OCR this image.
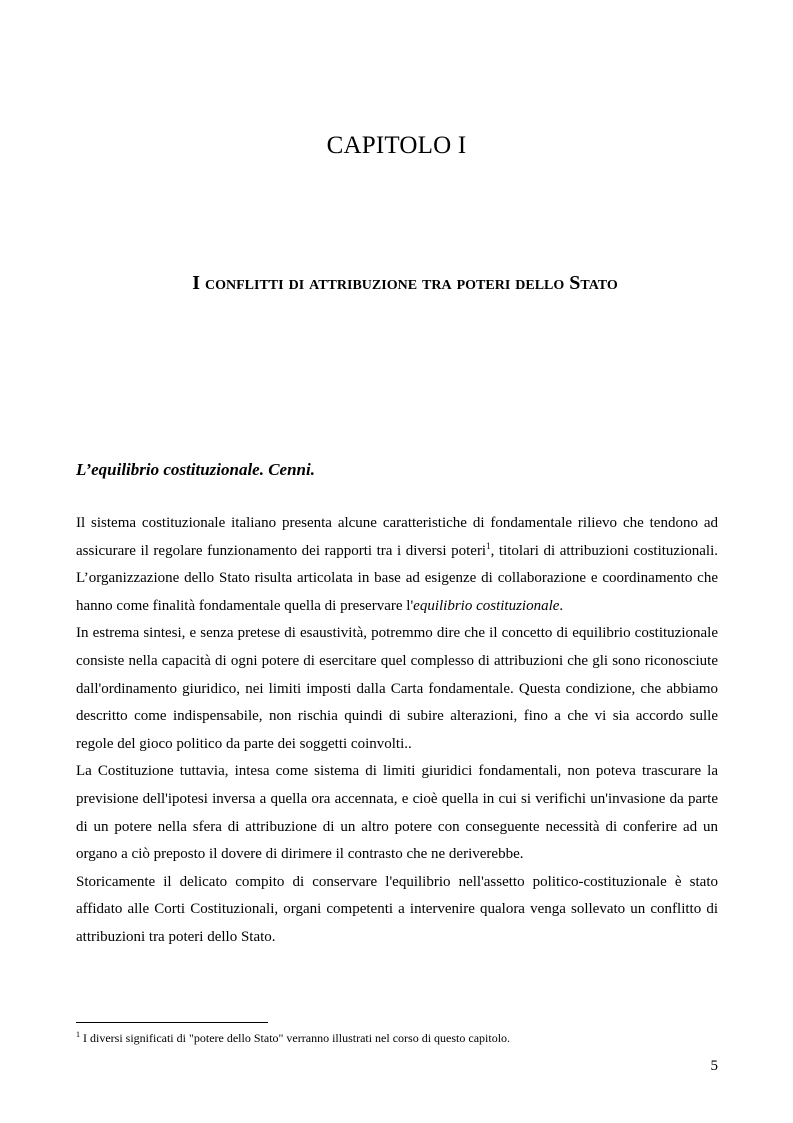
CAPITOLO I
I conflitti di attribuzione tra poteri dello Stato
L’equilibrio costituzionale. Cenni.

Il sistema costituzionale italiano presenta alcune caratteristiche di fondamentale rilievo che tendono ad assicurare il regolare funzionamento dei rapporti tra i diversi poteri$^1$, titolari di attribuzioni costituzionali. L’organizzazione dello Stato risulta articolata in base ad esigenze di collaborazione e coordinamento che hanno come finalità fondamentale quella di preservare l'equilibrio costituzionale.

In estrema sintesi, e senza pretese di esaustività, potremmo dire che il concetto di equilibrio costituzionale consiste nella capacità di ogni potere di esercitare quel complesso di attribuzioni che gli sono riconosciute dall'ordinamento giuridico, nei limiti imposti dalla Carta fondamentale. Questa condizione, che abbiamo descritto come indispensabile, non rischia quindi di subire alterazioni, fino a che vi sia accordo sulle regole del gioco politico da parte dei soggetti coinvolti..

La Costituzione tuttavia, intesa come sistema di limiti giuridici fondamentali, non poteva trascurare la previsione dell'ipotesi inversa a quella ora accennata, e cioè quella in cui si verifichi un'invasione da parte di un potere nella sfera di attribuzione di un altro potere con conseguente necessità di conferire ad un organo a ciò preposto il dovere di dirimere il contrasto che ne deriverebbe.

Storicamente il delicato compito di conservare l'equilibrio nell'assetto politico-costituzionale è stato affidato alle Corti Costituzionali, organi competenti a intervenire qualora venga sollevato un conflitto di attribuzioni tra poteri dello Stato.

$^1$ I diversi significati di "potere dello Stato" verranno illustrati nel corso di questo capitolo.
5
